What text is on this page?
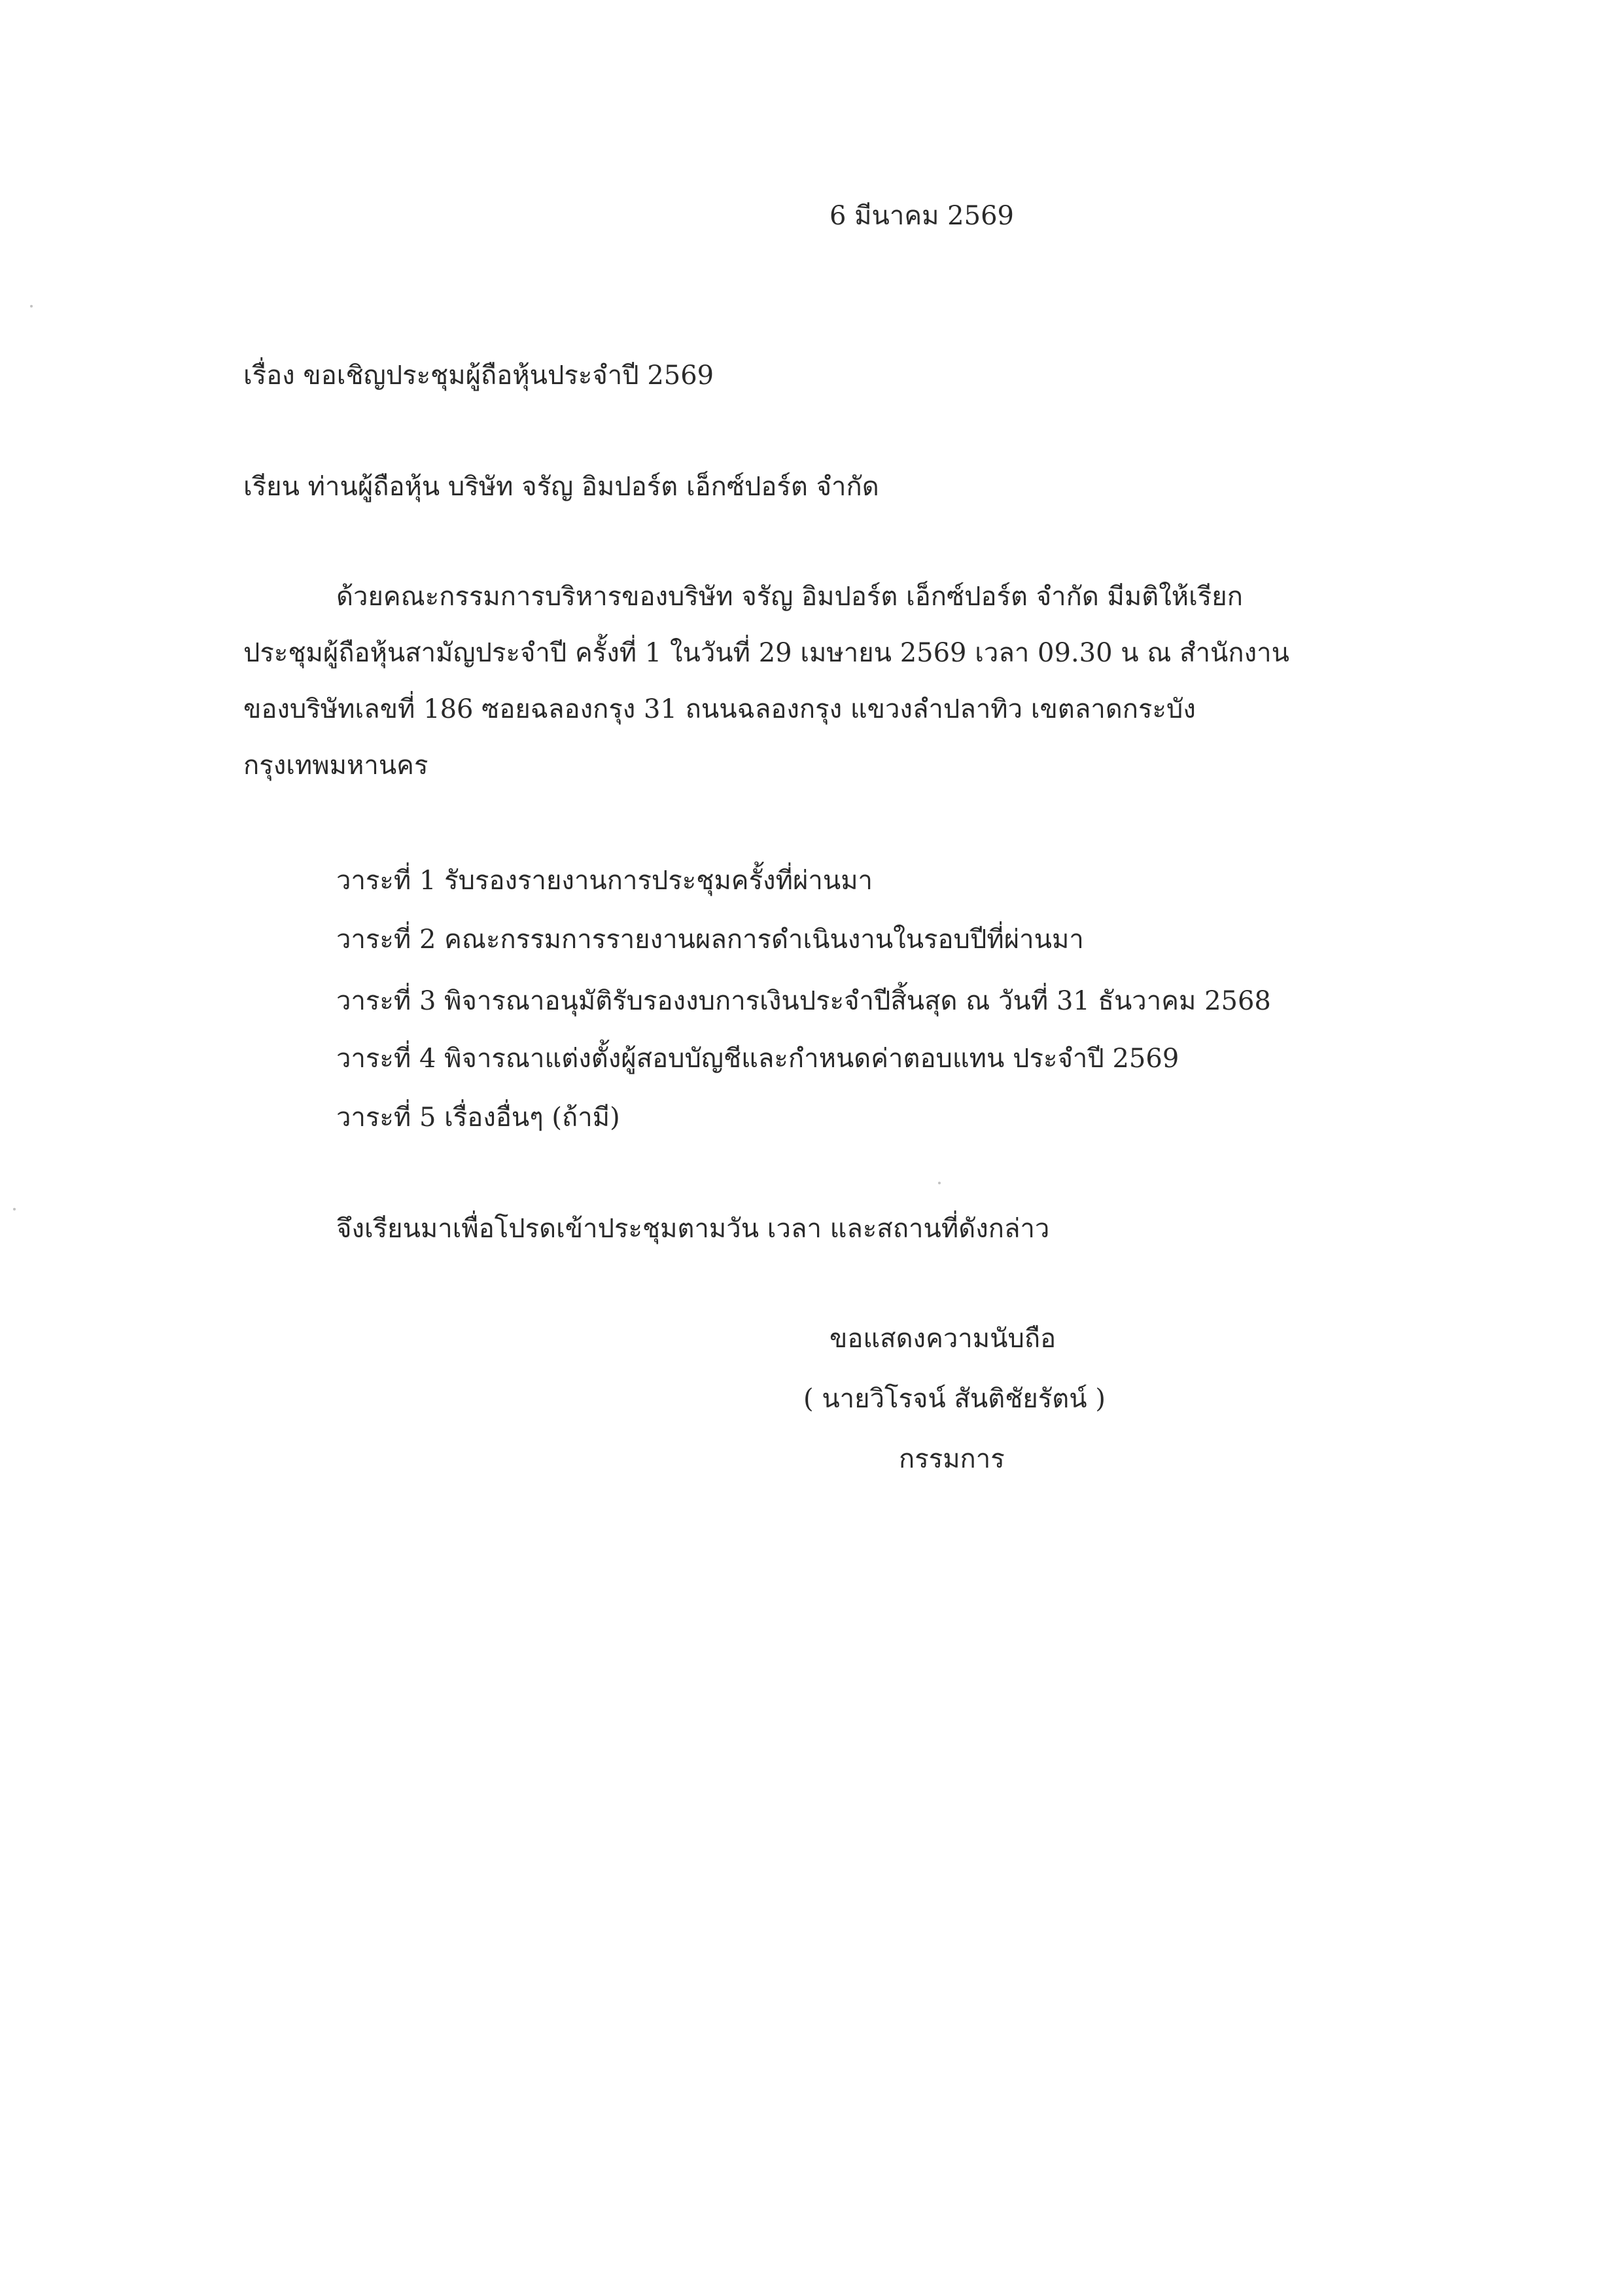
6 มีนาคม 2569
เรื่อง ขอเชิญประชุมผู้ถือหุ้นประจำปี 2569
เรียน ท่านผู้ถือหุ้น บริษัท จรัญ อิมปอร์ต เอ็กซ์ปอร์ต จำกัด
ด้วยคณะกรรมการบริหารของบริษัท จรัญ อิมปอร์ต เอ็กซ์ปอร์ต จำกัด มีมติให้เรียก
ประชุมผู้ถือหุ้นสามัญประจำปี ครั้งที่ 1 ในวันที่ 29 เมษายน 2569 เวลา 09.30 น ณ สำนักงาน
ของบริษัทเลขที่ 186 ซอยฉลองกรุง 31 ถนนฉลองกรุง แขวงลำปลาทิว เขตลาดกระบัง
กรุงเทพมหานคร
วาระที่ 1 รับรองรายงานการประชุมครั้งที่ผ่านมา
วาระที่ 2 คณะกรรมการรายงานผลการดำเนินงานในรอบปีที่ผ่านมา
วาระที่ 3 พิจารณาอนุมัติรับรองงบการเงินประจำปีสิ้นสุด ณ วันที่ 31 ธันวาคม 2568
วาระที่ 4 พิจารณาแต่งตั้งผู้สอบบัญชีและกำหนดค่าตอบแทน ประจำปี 2569
วาระที่ 5 เรื่องอื่นๆ (ถ้ามี)
จึงเรียนมาเพื่อโปรดเข้าประชุมตามวัน เวลา และสถานที่ดังกล่าว
ขอแสดงความนับถือ
( นายวิโรจน์ สันติชัยรัตน์ )
กรรมการ
